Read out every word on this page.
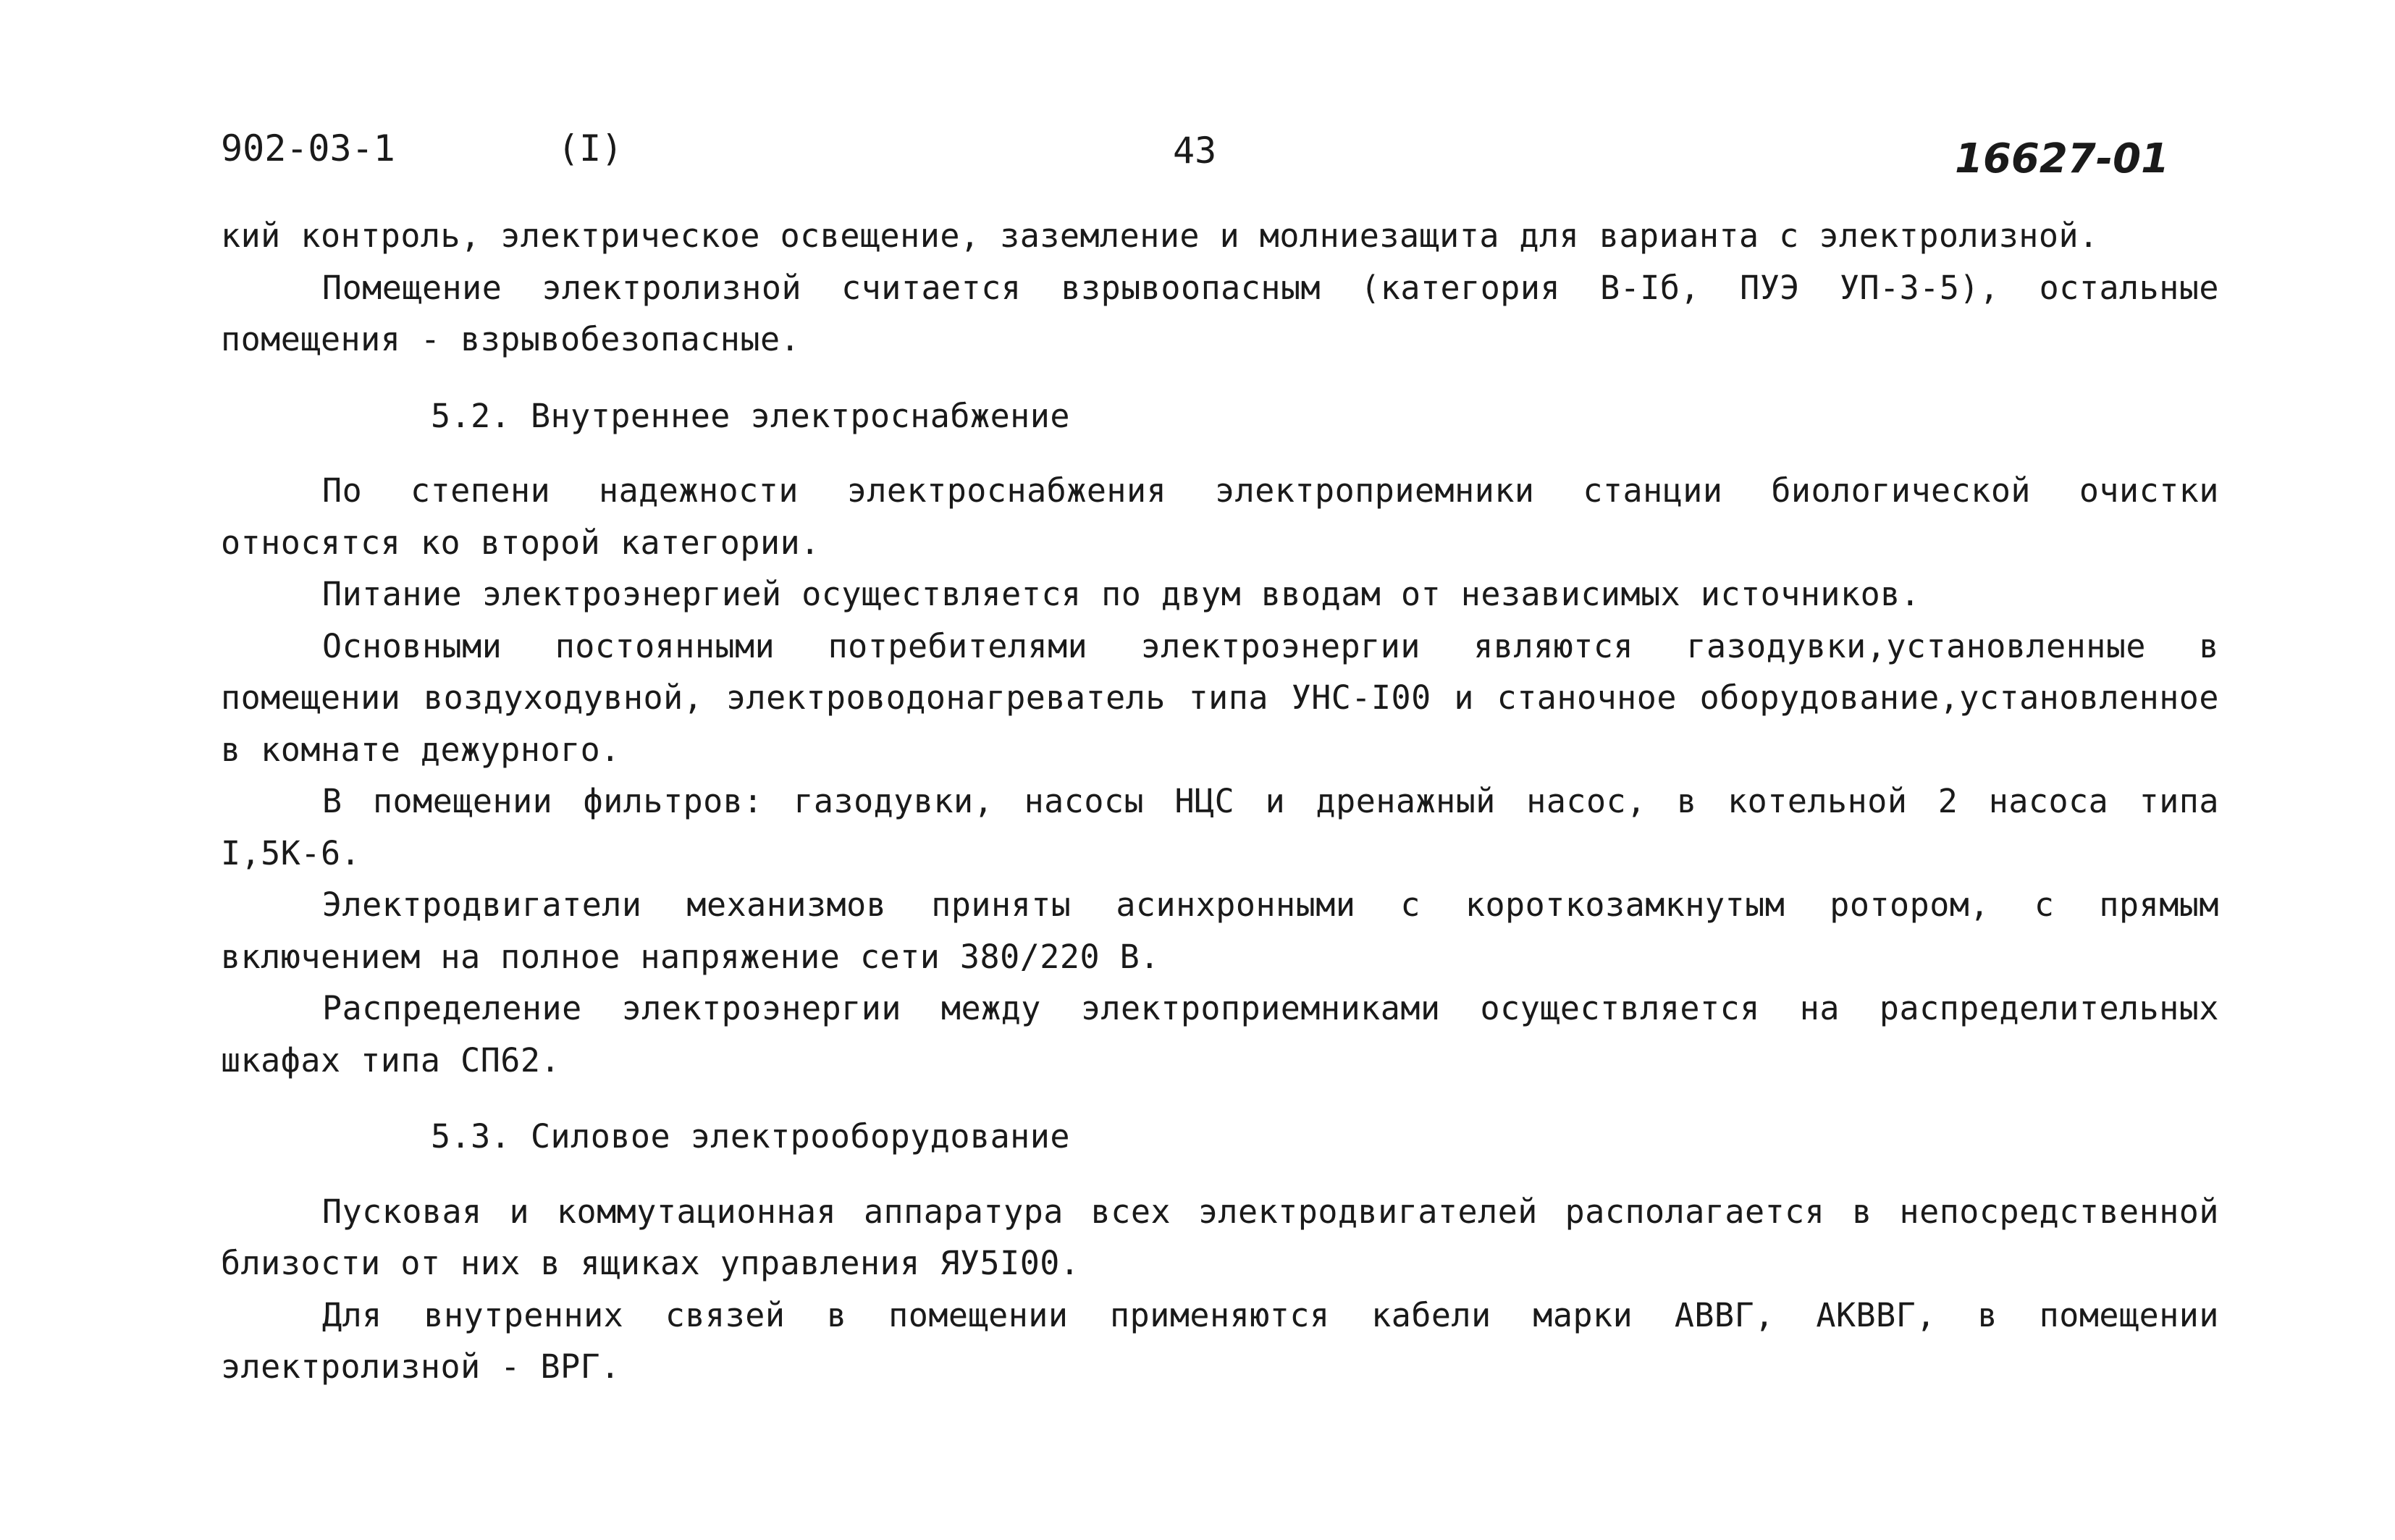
902-03-1	(I)	43	16627-01

кий контроль, электрическое освещение, заземление и молниезащита для варианта с электролизной.

Помещение электролизной считается взрывоопасным (категория В-Iб, ПУЭ УП-3-5), остальные помещения - взрывобезопасные.

5.2. Внутреннее электроснабжение

По степени надежности электроснабжения электроприемники станции биологической очистки относятся ко второй категории.

Питание электроэнергией осуществляется по двум вводам от независимых источников.

Основными постоянными потребителями электроэнергии являются газодувки,установленные в помещении воздуходувной, электроводонагреватель типа УНС-I00 и станочное оборудование,установленное в комнате дежурного.

В помещении фильтров: газодувки, насосы НЦС и дренажный насос, в котельной 2 насоса типа I,5К-6.

Электродвигатели механизмов приняты асинхронными с короткозамкнутым ротором, с прямым включением на полное напряжение сети 380/220 В.

Распределение электроэнергии между электроприемниками осуществляется на распределительных шкафах типа СП62.

5.3. Силовое электрооборудование

Пусковая и коммутационная аппаратура всех электродвигателей располагается в непосредственной близости от них в ящиках управления ЯУ5I00.

Для внутренних связей в помещении применяются кабели марки АВВГ, АКВВГ, в помещении электролизной - ВРГ.
